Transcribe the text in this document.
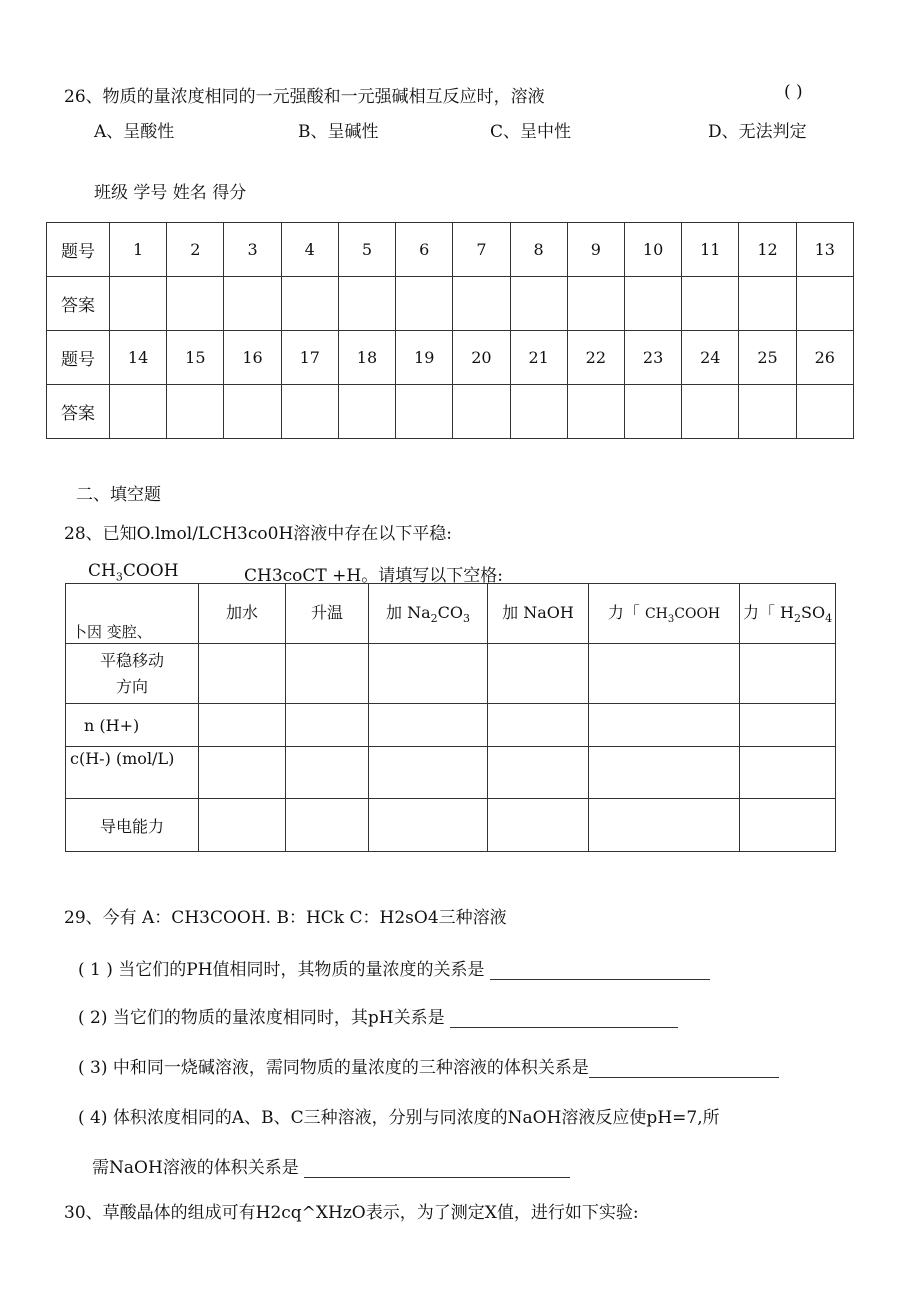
26、物质的量浓度相同的一元强酸和一元强碱相互反应时，溶液	( )
A、呈酸性	B、呈碱性	C、呈中性	D、无法判定
班级 学号 姓名 得分
题号	1	2	3	4	5	6	7	8	9	10	11	12	13
答案													
题号	14	15	16	17	18	19	20	21	22	23	24	25	26
答案													
二、填空题
28、已知O.lmol/LCH3co0H溶液中存在以下平稳:
$CH_3COOH$	CH3coCT +H。请填写以下空格:
卜因 变腔、	加水	升温	加 $Na_2CO_3$	加 NaOH	力「 $CH_3COOH$	力「 $H_2SO_4$
平稳移动
方向						
n (H+)						
c(H-) (mol/L)						
导电能力						
29、今有 A：CH3COOH. B：HCk C：H2sO4三种溶液
( 1 ) 当它们的PH值相同时，其物质的量浓度的关系是
( 2) 当它们的物质的量浓度相同时，其pH关系是
( 3) 中和同一烧碱溶液，需同物质的量浓度的三种溶液的体积关系是
( 4) 体积浓度相同的A、B、C三种溶液，分别与同浓度的NaOH溶液反应使pH=7,所
需NaOH溶液的体积关系是
30、草酸晶体的组成可有H2cq^XHzO表示，为了测定X值，进行如下实验:
